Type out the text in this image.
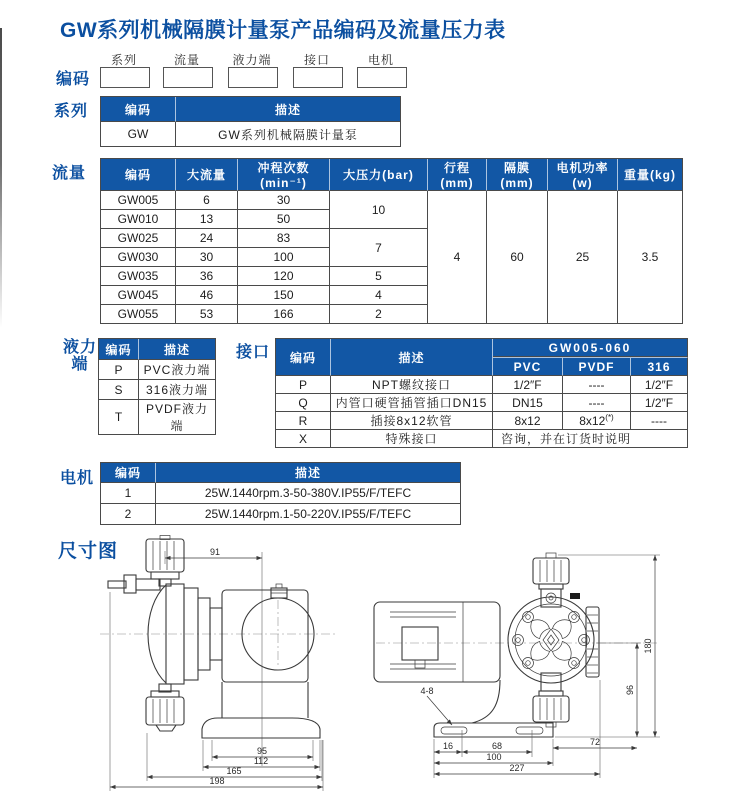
GW系列机械隔膜计量泵产品编码及流量压力表
编码
系列	流量	液力端	接口	电机
系列	编码	描述
GW	GW系列机械隔膜计量泵
流量	编码	大流量	冲程次数(min⁻¹)	大压力(bar)	行程(mm)	隔膜(mm)	电机功率(w)	重量(kg)
GW005	6	30	10	4	60	25	3.5
GW010	13	50					
GW025	24	83	7				
GW030	30	100					
GW035	36	120	5				
GW045	46	150	4				
GW055	53	166	2				
液力
端
编码	描述
P	PVC液力端
S	316液力端
T	PVDF液力端
接口 编码	描述	GW005-060		
		PVC	PVDF	316
P	NPT螺纹接口	1/2″F	----	1/2″F
Q	内管口硬管插管插口DN15	DN15	----	1/2″F
R	插接8x12软管	8x12	8x12(*)	----
X	特殊接口	咨询，并在订货时说明		
电机 编码	描述
1	25W.1440rpm.3-50-380V.IP55/F/TEFC
2	25W.1440rpm.1-50-220V.IP55/F/TEFC
尺寸图	91
95
112
165
198
180
96
72
16	68
100
227
4-8
